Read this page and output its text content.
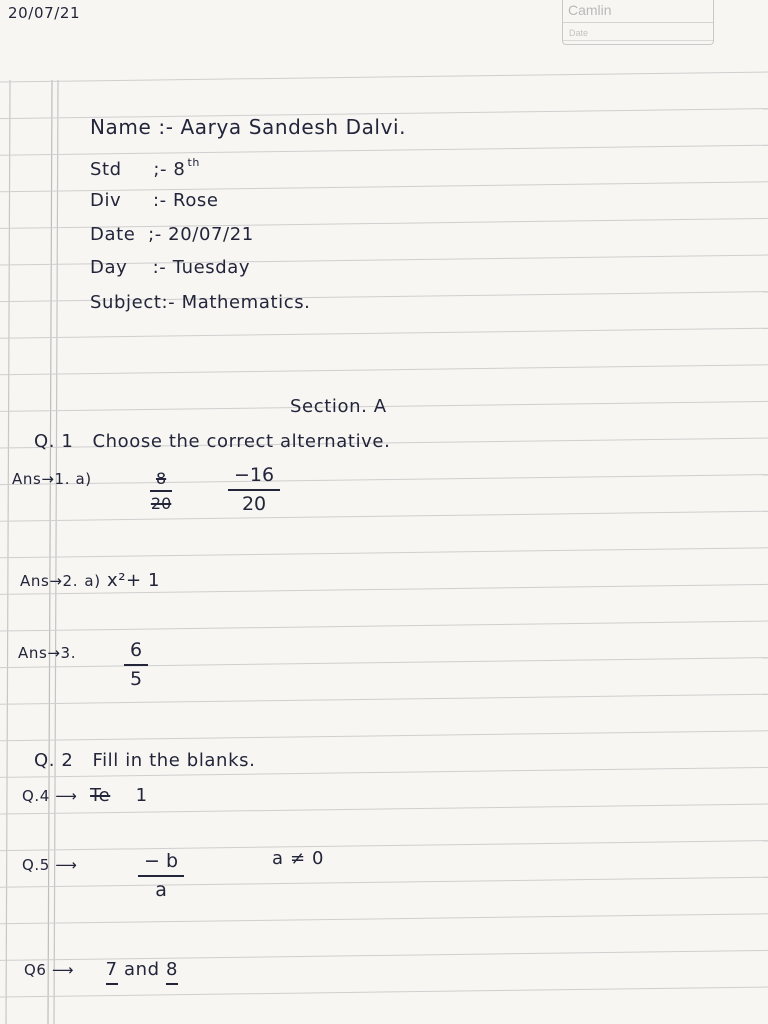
20/07/21	Camlin
Date
Name :- Aarya Sandesh Dalvi.
Std ;- 8 $^{th}$
Div :- Rose
Date ;- 20/07/21
Day :- Tuesday
Subject:- Mathematics.
Section. A
Q. 1 Choose the correct alternative.
Ans→1. a)	$\frac{8}{20}$	$\frac{-16}{20}$
Ans→2. a) x²+ 1
Ans→3.	$\frac{6}{5}$
Q. 2 Fill in the blanks.
Q.4 ⟶ Te 1
Q.5 ⟶	$\frac{- b}{a}$	a ≠ 0
Q6 ⟶ 7 and 8
